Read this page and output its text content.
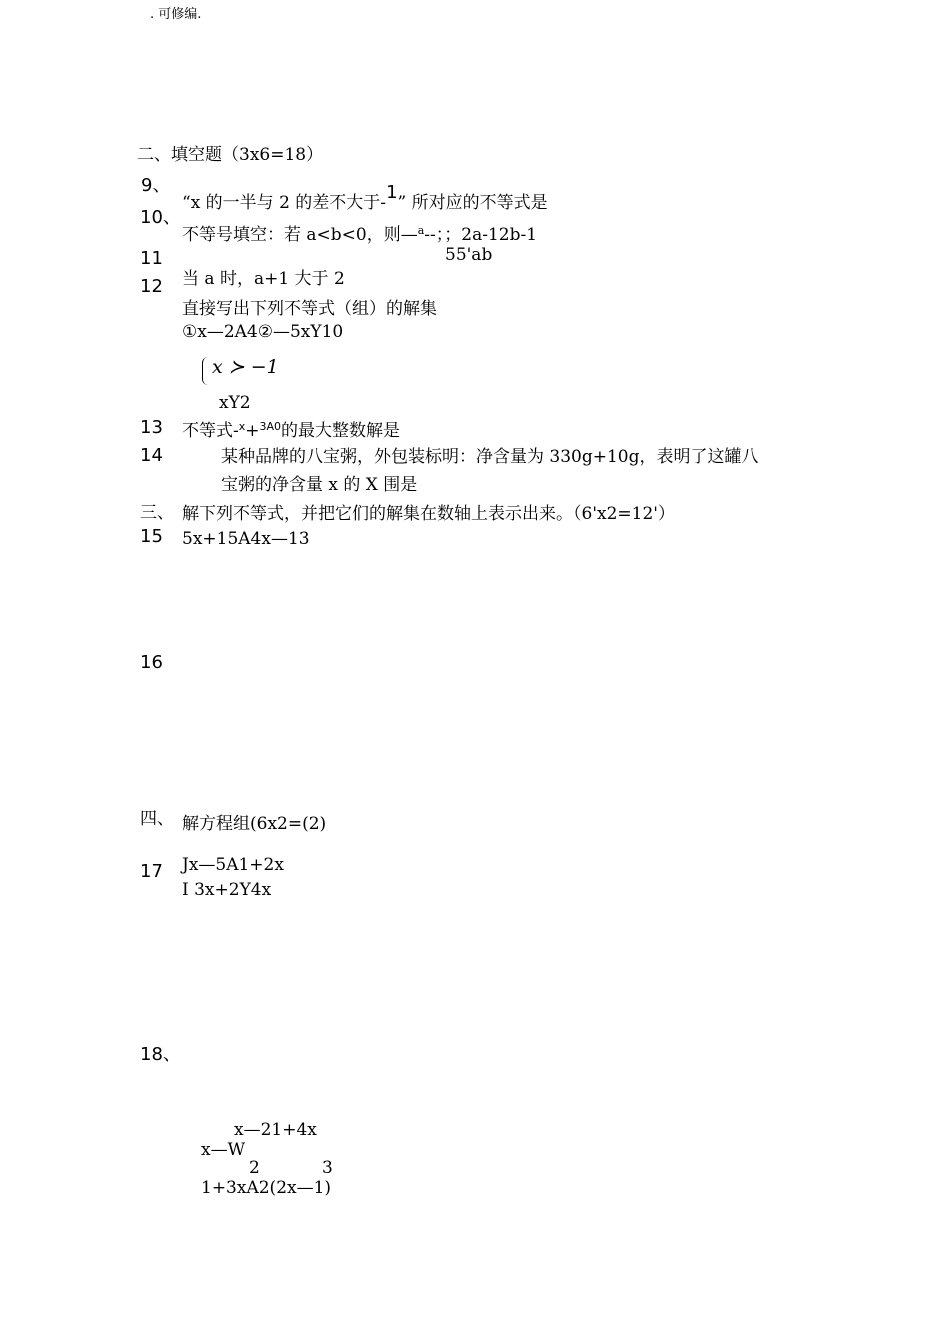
. 可修编.
二、填空题（3x6=18）
9、
“x 的一半与 2 的差不大于-1” 所对应的不等式是
10、
不等号填空：若 a<b<0，则—$^a$--；；2a-12b-1
55'ab
11
12 当 a 时，a+1 大于 2
直接写出下列不等式（组）的解集
①x—2A4②—5xY10
x ≻ −1
xY2
13 不等式-$^x$+$^{3A0}$的最大整数解是
14	某种品牌的八宝粥，外包装标明：净含量为 330g+10g，表明了这罐八
宝粥的净含量 x 的 X 围是
三、 解下列不等式，并把它们的解集在数轴上表示出来。（6'x2=12'）
15 5x+15A4x—13
16
四、 解方程组(6x2=(2)
17 Jx—5A1+2x
I 3x+2Y4x
18、
x—21+4x
x—W
2	3
1+3xA2(2x—1)
